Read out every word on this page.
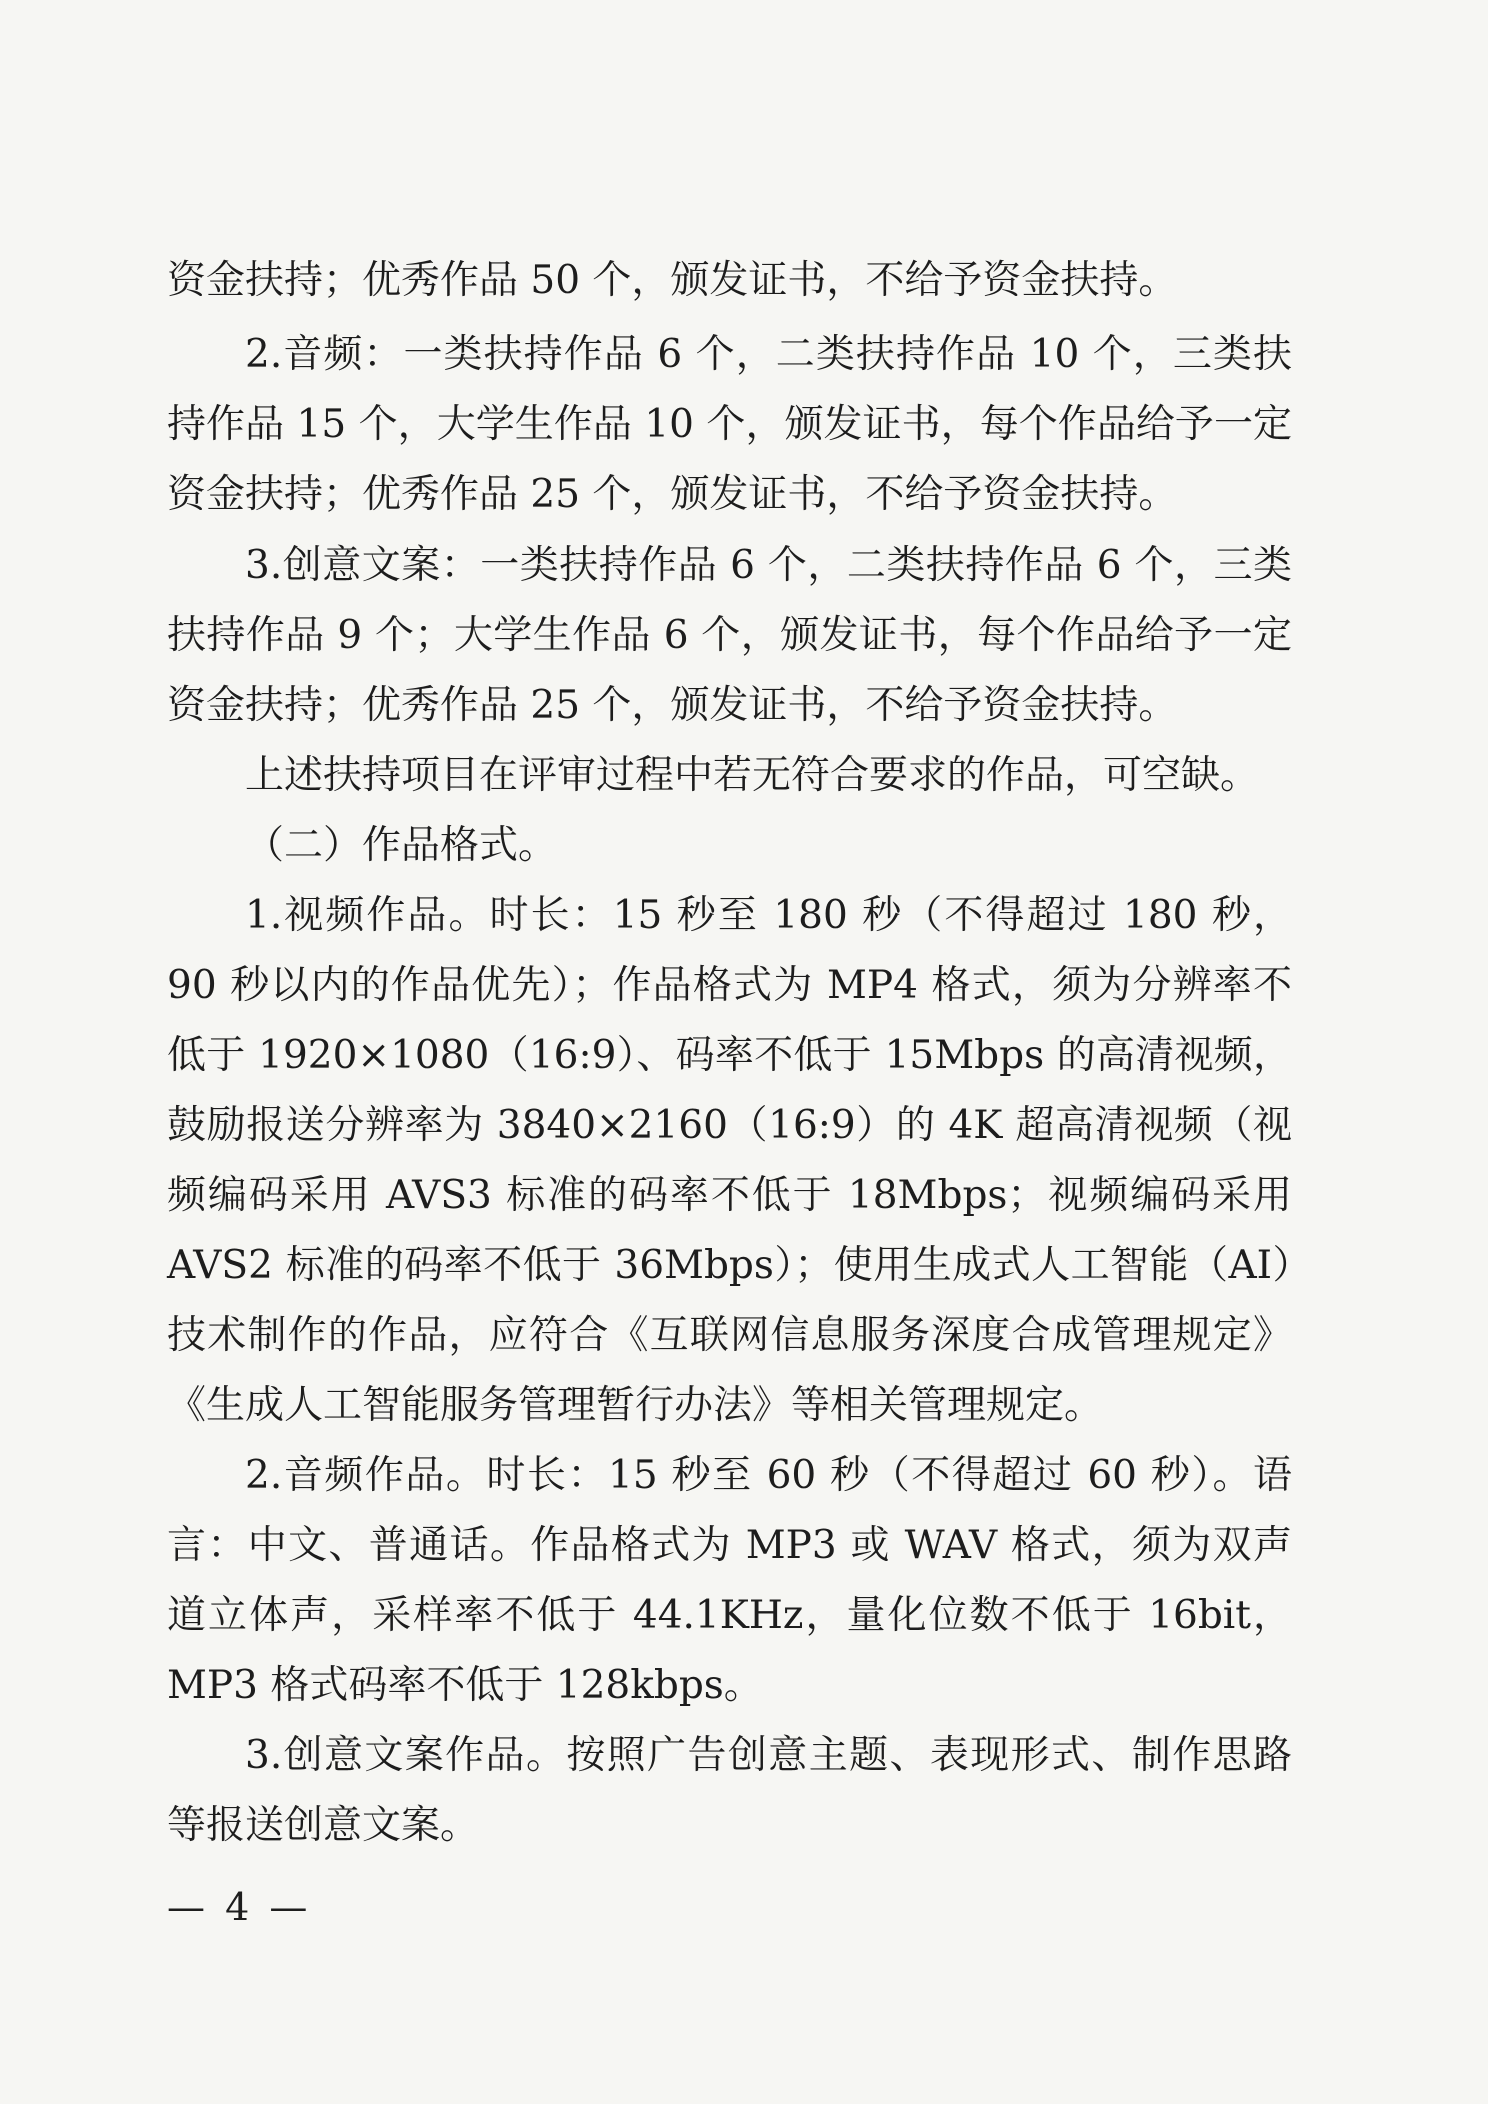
资金扶持；优秀作品 50 个，颁发证书，不给予资金扶持。

2.音频：一类扶持作品 6 个，二类扶持作品 10 个，三类扶持作品 15 个，大学生作品 10 个，颁发证书，每个作品给予一定资金扶持；优秀作品 25 个，颁发证书，不给予资金扶持。

3.创意文案：一类扶持作品 6 个，二类扶持作品 6 个，三类扶持作品 9 个；大学生作品 6 个，颁发证书，每个作品给予一定资金扶持；优秀作品 25 个，颁发证书，不给予资金扶持。

上述扶持项目在评审过程中若无符合要求的作品，可空缺。

（二）作品格式。

1.视频作品。时长：15 秒至 180 秒（不得超过 180 秒，90 秒以内的作品优先）；作品格式为 MP4 格式，须为分辨率不低于 1920×1080（16:9）、码率不低于 15Mbps 的高清视频，鼓励报送分辨率为 3840×2160（16:9）的 4K 超高清视频（视频编码采用 AVS3 标准的码率不低于 18Mbps；视频编码采用 AVS2 标准的码率不低于 36Mbps）；使用生成式人工智能（AI）技术制作的作品，应符合《互联网信息服务深度合成管理规定》《生成人工智能服务管理暂行办法》等相关管理规定。

2.音频作品。时长：15 秒至 60 秒（不得超过 60 秒）。语言：中文、普通话。作品格式为 MP3 或 WAV 格式，须为双声道立体声，采样率不低于 44.1KHz，量化位数不低于 16bit，MP3 格式码率不低于 128kbps。

3.创意文案作品。按照广告创意主题、表现形式、制作思路等报送创意文案。

— 4 —
